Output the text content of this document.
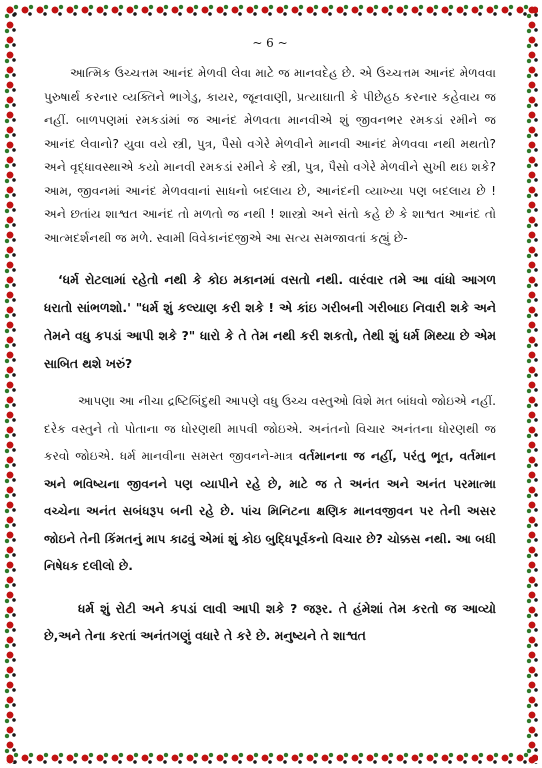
~ 6 ~

આત્મિક ઉચ્ચત્તમ આનંદ મેળવી લેવા માટે જ માનવદેહ છે. એ ઉચ્ચત્તમ આનંદ મેળવવા પુરુષાર્થ કરનાર વ્યક્તિને ભાગેડુ, કાયર, જૂનવાણી, પ્રત્યાઘાતી કે પીછેહઠ કરનાર કહેવાય જ નહીં. બાળપણમાં રમકડાંમાં જ આનંદ મેળવતા માનવીએ શું જીવનભર રમકડાં રમીને જ આનંદ લેવાનો? યુવા વયે સ્ત્રી, પુત્ર, પૈસો વગેરે મેળવીને માનવી આનંદ મેળવવા નથી મથતો? અને વૃદ્ધાવસ્થાએ કયો માનવી રમકડાં રમીને કે સ્ત્રી, પુત્ર, પૈસો વગેરે મેળવીને સુખી થઇ શકે? આમ, જીવનમાં આનંદ મેળવવાનાં સાધનો બદલાય છે, આનંદની વ્યાખ્યા પણ બદલાય છે ! અને છતાંય શાશ્વત આનંદ તો મળતો જ નથી ! શાસ્ત્રો અને સંતો કહે છે કે શાશ્વત આનંદ તો આત્મદર્શનથી જ મળે. સ્વામી વિવેકાનંદજીએ આ સત્ય સમજાવતાં કહ્યું છે-

‘ધર્મ રોટલામાં રહેતો નથી કે કોઇ મકાનમાં વસતો નથી. વારંવાર તમે આ વાંધો આગળ ધરાતો સાંભળશો.' "ધર્મ શું કલ્યાણ કરી શકે ! એ કાંઇ ગરીબની ગરીબાઇ નિવારી શકે અને તેમને વધુ કપડાં આપી શકે ?" ધારો કે તે તેમ નથી કરી શકતો, તેથી શું ધર્મ મિથ્યા છે એમ સાબિત થશે ખરું?

આપણા આ નીચા દ્રષ્ટિબિંદુથી આપણે વધુ ઉચ્ચ વસ્તુઓ વિશે મત બાંધવો જોઇએ નહીં. દરેક વસ્તુને તો પોતાના જ ધોરણથી માપવી જોઇએ. અનંતનો વિચાર અનંતના ધોરણથી જ કરવો જોઇએ. ધર્મ માનવીના સમસ્ત જીવનને-માત્ર વર્તમાનના જ નહીં, પરંતુ ભૂત, વર્તમાન અને ભવિષ્યના જીવનને પણ વ્યાપીને રહે છે, માટે જ તે અનંત અને અનંત પરમાત્મા વચ્ચેના અનંત સબંધરૂપ બની રહે છે. પાંચ મિનિટના ક્ષણિક માનવજીવન પર તેની અસર જોઇને તેની કિંમતનું માપ કાઢવું એમાં શું કોઇ બુદ્ધિપૂર્વકનો વિચાર છે? ચોક્કસ નથી. આ બધી નિષેધક દલીલો છે.

ધર્મ શું રોટી અને કપડાં લાવી આપી શકે ? જરૂર. તે હંમેશાં તેમ કરતો જ આવ્યો છે,અને તેના કરતાં અનંતગણું વધારે તે કરે છે. મનુષ્યને તે શાશ્વત
